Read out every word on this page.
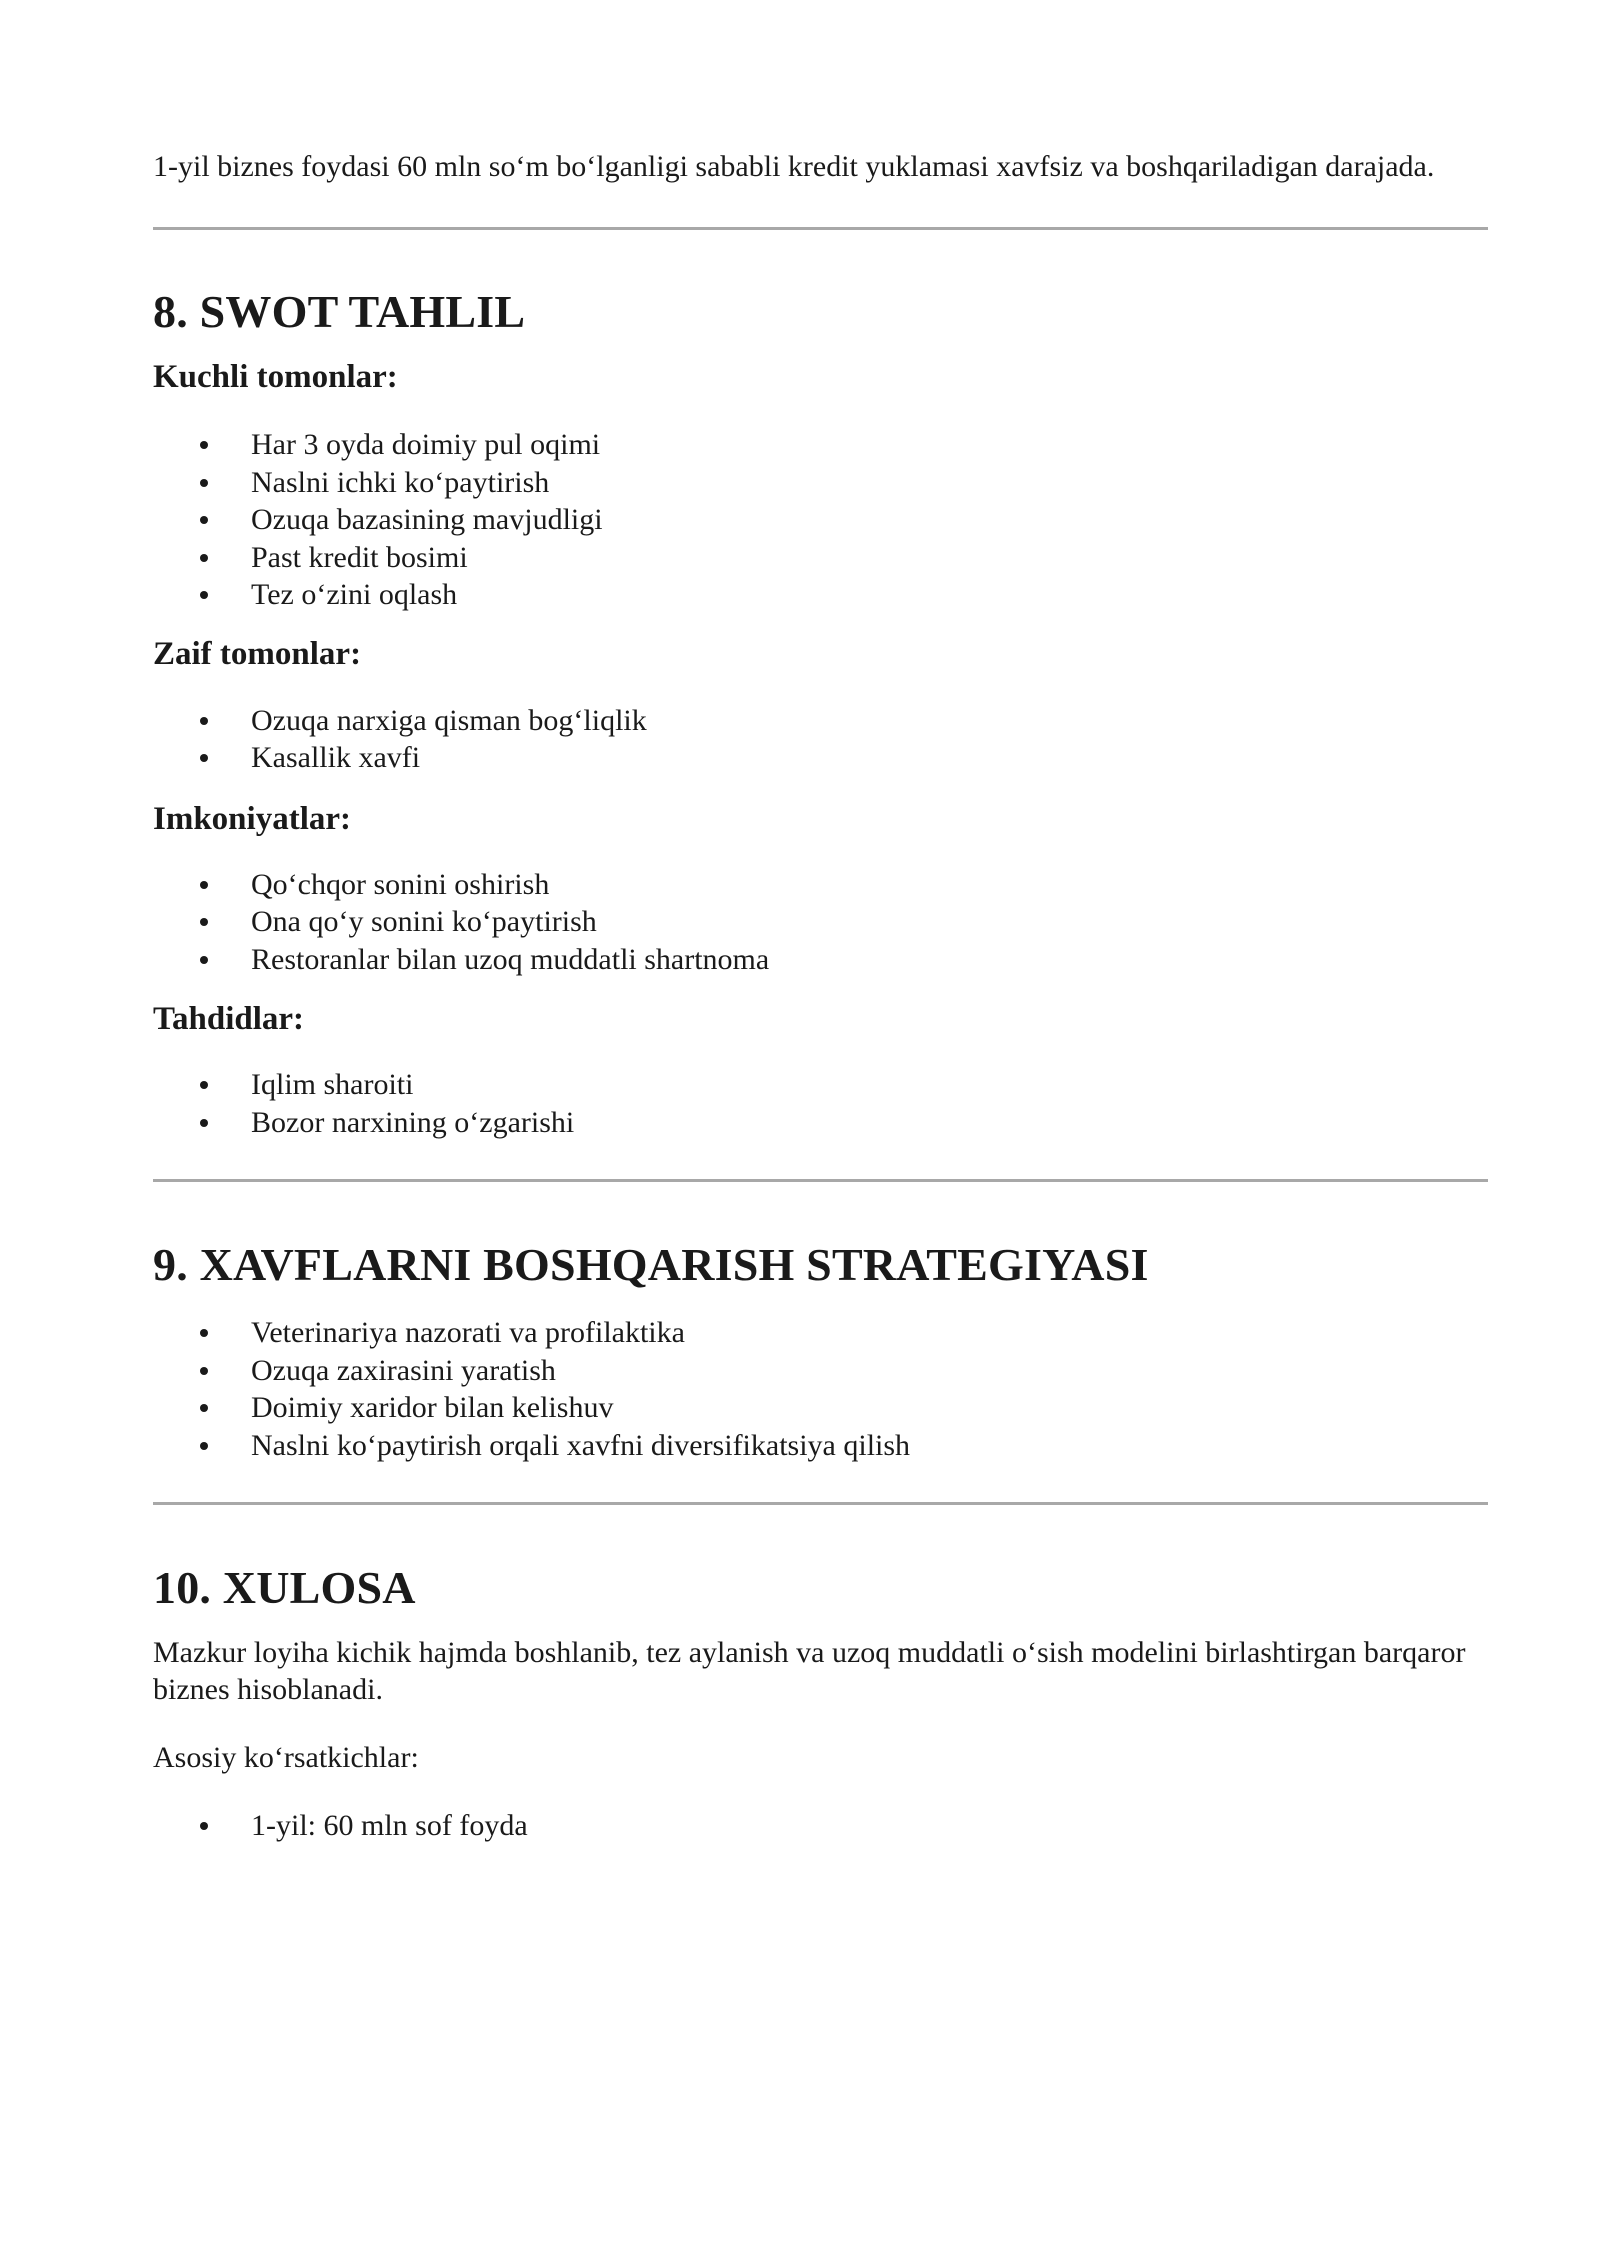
1-yil biznes foydasi 60 mln so‘m bo‘lganligi sababli kredit yuklamasi xavfsiz va boshqariladigan darajada.

8. SWOT TAHLIL
Kuchli tomonlar:
Har 3 oyda doimiy pul oqimi
Naslni ichki ko‘paytirish
Ozuqa bazasining mavjudligi
Past kredit bosimi
Tez o‘zini oqlash
Zaif tomonlar:
Ozuqa narxiga qisman bog‘liqlik
Kasallik xavfi
Imkoniyatlar:
Qo‘chqor sonini oshirish
Ona qo‘y sonini ko‘paytirish
Restoranlar bilan uzoq muddatli shartnoma
Tahdidlar:
Iqlim sharoiti
Bozor narxining o‘zgarishi
9. XAVFLARNI BOSHQARISH STRATEGIYASI
Veterinariya nazorati va profilaktika
Ozuqa zaxirasini yaratish
Doimiy xaridor bilan kelishuv
Naslni ko‘paytirish orqali xavfni diversifikatsiya qilish
10. XULOSA

Mazkur loyiha kichik hajmda boshlanib, tez aylanish va uzoq muddatli o‘sish modelini birlashtirgan barqaror biznes hisoblanadi.

Asosiy ko‘rsatkichlar:

1-yil: 60 mln sof foyda
